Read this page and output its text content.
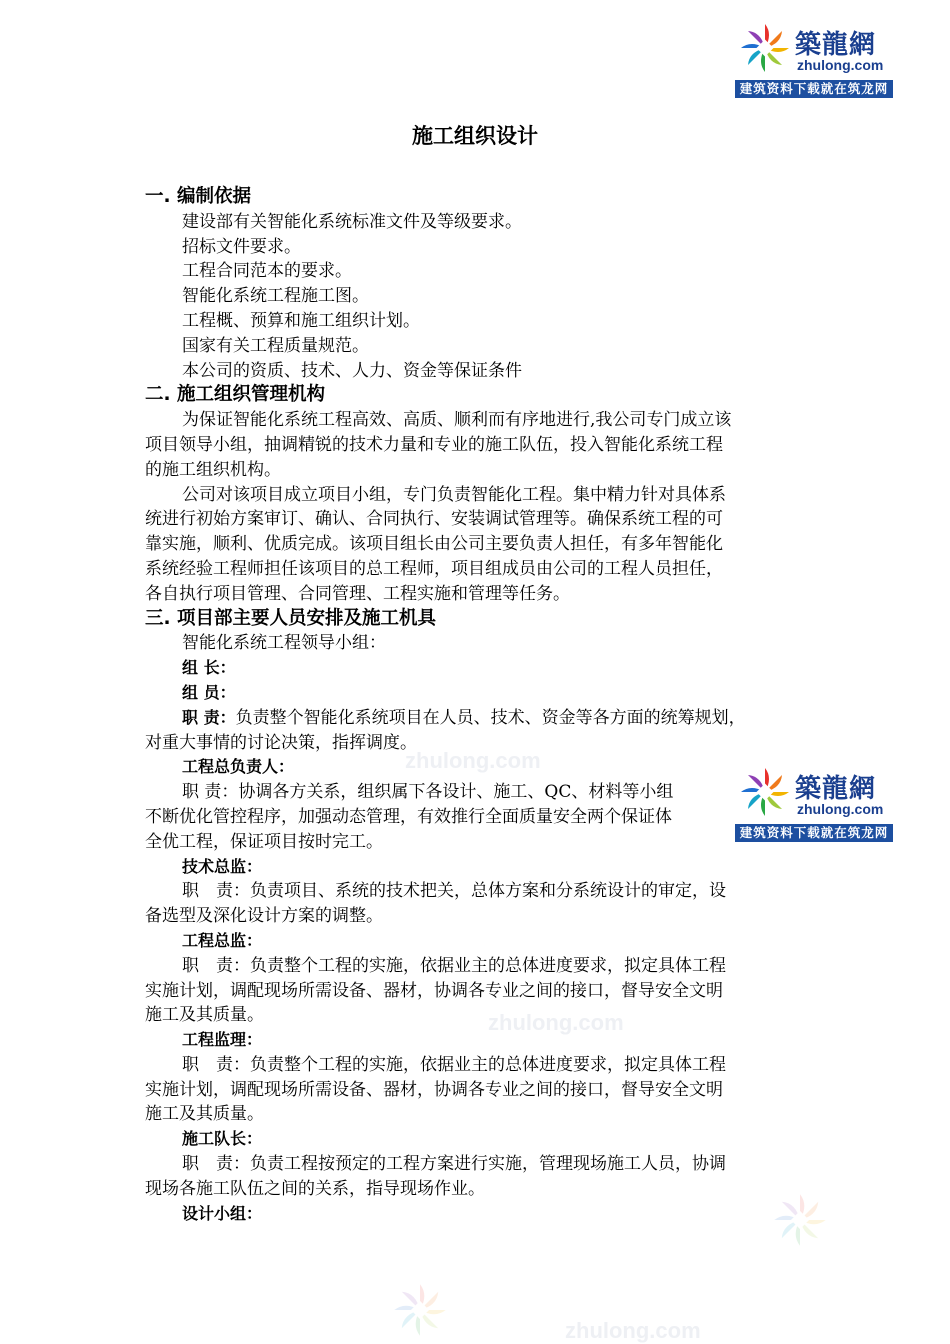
築龍網
zhulong.com
建筑资料下载就在筑龙网
築龍網
zhulong.com
建筑资料下载就在筑龙网
zhulong.com
zhulong.com
zhulong.com
施工组织设计
一. 编制依据
建设部有关智能化系统标准文件及等级要求。
招标文件要求。
工程合同范本的要求。
智能化系统工程施工图。
工程概、预算和施工组织计划。
国家有关工程质量规范。
本公司的资质、技术、人力、资金等保证条件
二. 施工组织管理机构
为保证智能化系统工程高效、高质、顺利而有序地进行,我公司专门成立该
项目领导小组，抽调精锐的技术力量和专业的施工队伍，投入智能化系统工程
的施工组织机构。
公司对该项目成立项目小组，专门负责智能化工程。集中精力针对具体系
统进行初始方案审订、确认、合同执行、安装调试管理等。确保系统工程的可
靠实施，顺利、优质完成。该项目组长由公司主要负责人担任，有多年智能化
系统经验工程师担任该项目的总工程师，项目组成员由公司的工程人员担任，
各自执行项目管理、合同管理、工程实施和管理等任务。
三. 项目部主要人员安排及施工机具
智能化系统工程领导小组：
组 长：
组 员：
职 责：负责整个智能化系统项目在人员、技术、资金等各方面的统筹规划，
对重大事情的讨论决策，指挥调度。
工程总负责人：
职 责：协调各方关系，组织属下各设计、施工、QC、材料等小组
不断优化管控程序，加强动态管理，有效推行全面质量安全两个保证体
全优工程，保证项目按时完工。
技术总监：
职　责：负责项目、系统的技术把关，总体方案和分系统设计的审定，设
备选型及深化设计方案的调整。
工程总监：
职　责：负责整个工程的实施，依据业主的总体进度要求，拟定具体工程
实施计划，调配现场所需设备、器材，协调各专业之间的接口，督导安全文明
施工及其质量。
工程监理：
职　责：负责整个工程的实施，依据业主的总体进度要求，拟定具体工程
实施计划，调配现场所需设备、器材，协调各专业之间的接口，督导安全文明
施工及其质量。
施工队长：
职　责：负责工程按预定的工程方案进行实施，管理现场施工人员，协调
现场各施工队伍之间的关系，指导现场作业。
设计小组：
